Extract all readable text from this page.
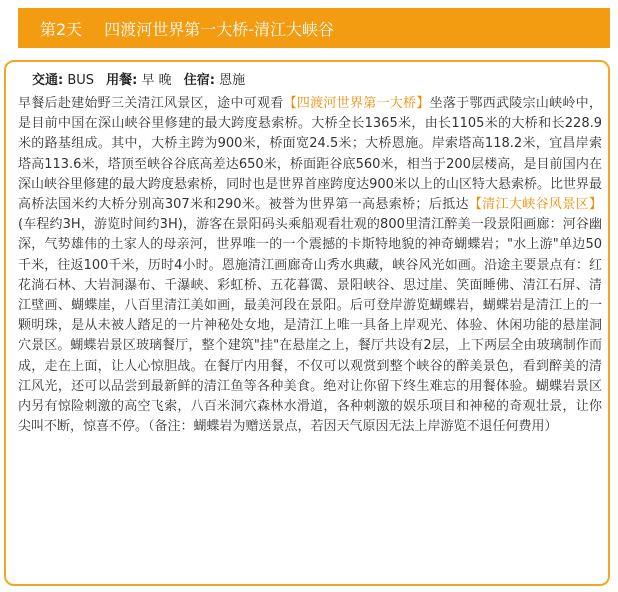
第2天 四渡河世界第一大桥-清江大峡谷
交通: BUS 用餐: 早 晚 住宿: 恩施
早餐后赴建始野三关清江风景区，途中可观看【四渡河世界第一大桥】坐落于鄂西武陵宗山峡岭中，是目前中国在深山峡谷里修建的最大跨度悬索桥。大桥全长1365米，由长1105米的大桥和长228.9米的路基组成。其中，大桥主跨为900米，桥面宽24.5米；大桥恩施。岸索塔高118.2米，宜昌岸索塔高113.6米，塔顶至峡谷谷底高差达650米，桥面距谷底560米，相当于200层楼高，是目前国内在深山峡谷里修建的最大跨度悬索桥，同时也是世界首座跨度达900米以上的山区特大悬索桥。比世界最高桥法国米约大桥分别高307米和290米。被誉为世界第一高悬索桥；后抵达【清江大峡谷风景区】(车程约3H，游览时间约3H)，游客在景阳码头乘船观看壮观的800里清江醉美一段景阳画廊：河谷幽深，气势雄伟的土家人的母亲河，世界唯一的一个震撼的卡斯特地貌的神奇蝴蝶岩；"水上游"单边50千米，往返100千米，历时4小时。恩施清江画廊奇山秀水典藏，峡谷风光如画。沿途主要景点有：红花淌石林、大岩洞瀑布、千瀑峡、彩虹桥、五花暮霭、景阳峡谷、思过崖、笑面睡佛、清江石屏、清江壁画、蝴蝶崖，八百里清江美如画，最美河段在景阳。后可登岸游览蝴蝶岩，蝴蝶岩是清江上的一颗明珠，是从未被人踏足的一片神秘处女地，是清江上唯一具备上岸观光、体验、休闲功能的悬崖洞穴景区。蝴蝶岩景区玻璃餐厅，整个建筑"挂"在悬崖之上，餐厅共设有2层，上下两层全由玻璃制作而成，走在上面，让人心惊胆战。在餐厅内用餐，不仅可以观赏到整个峡谷的醉美景色，看到醉美的清江风光，还可以品尝到最新鲜的清江鱼等各种美食。绝对让你留下终生难忘的用餐体验。蝴蝶岩景区内另有惊险刺激的高空飞索，八百米洞穴森林水滑道，各种刺激的娱乐项目和神秘的奇观壮景，让你尖叫不断，惊喜不停。（备注：蝴蝶岩为赠送景点，若因天气原因无法上岸游览不退任何费用）
